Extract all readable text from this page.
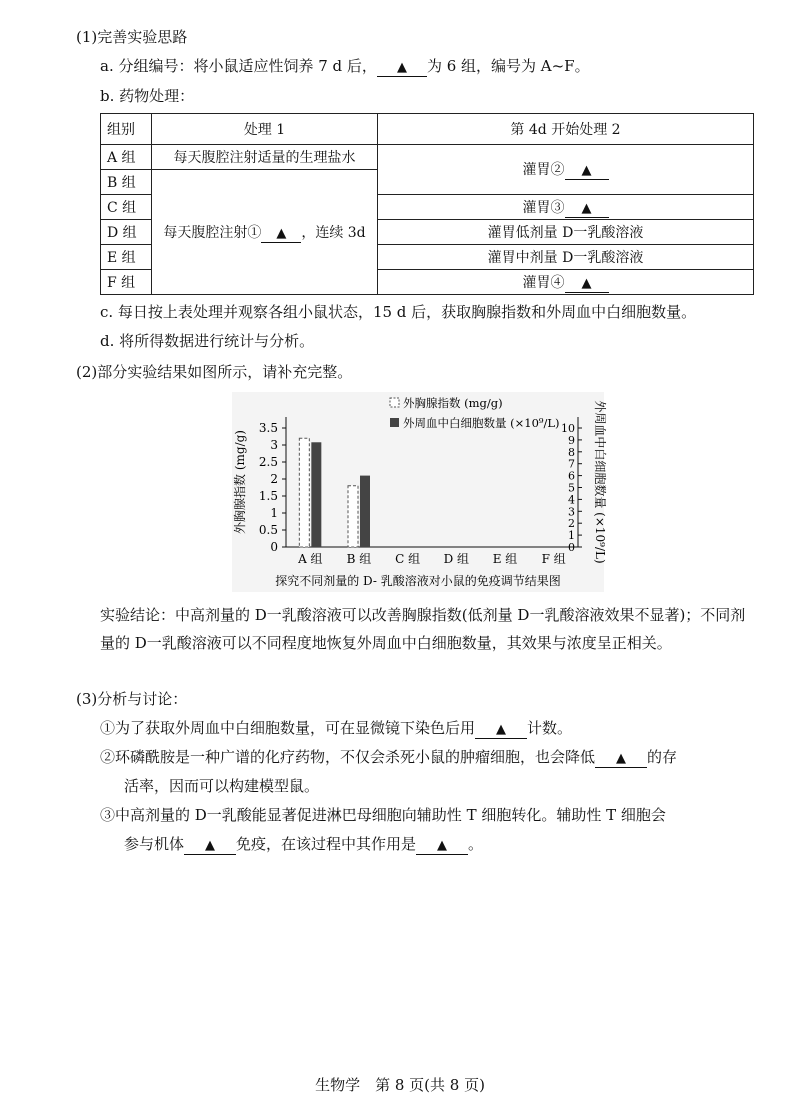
(1)完善实验思路
a. 分组编号：将小鼠适应性饲养 7 d 后， ▲ 为 6 组，编号为 A~F。
b. 药物处理：
组别	处理 1	第 4d 开始处理 2
A 组	每天腹腔注射适量的生理盐水	灌胃② ▲
B 组	每天腹腔注射① ▲ ，连续 3d	
C 组		灌胃③ ▲
D 组		灌胃低剂量 D一乳酸溶液
E 组		灌胃中剂量 D一乳酸溶液
F 组		灌胃④ ▲
c. 每日按上表处理并观察各组小鼠状态，15 d 后，获取胸腺指数和外周血中白细胞数量。
d. 将所得数据进行统计与分析。
(2)部分实验结果如图所示，请补充完整。
0
0.5
1
1.5
2
2.5
3
3.5
0
1
2
3
4
5
6
7
8
9
10
A 组 B 组 C 组 D 组 E 组 F 组
外胸腺指数 (mg/g)	外周血中白细胞数量 (×10⁹/L)
外胸腺指数 (mg/g)
外周血中白细胞数量 (×10⁹/L)
探究不同剂量的 D- 乳酸溶液对小鼠的免疫调节结果图
实验结论：中高剂量的 D一乳酸溶液可以改善胸腺指数(低剂量 D一乳酸溶液效果不显著)；不同剂量的 D一乳酸溶液可以不同程度地恢复外周血中白细胞数量，其效果与浓度呈正相关。
(3)分析与讨论：
①为了获取外周血中白细胞数量，可在显微镜下染色后用 ▲ 计数。
②环磷酰胺是一种广谱的化疗药物，不仅会杀死小鼠的肿瘤细胞，也会降低 ▲ 的存
活率，因而可以构建模型鼠。
③中高剂量的 D一乳酸能显著促进淋巴母细胞向辅助性 T 细胞转化。辅助性 T 细胞会
参与机体 ▲ 免疫，在该过程中其作用是 ▲ 。
生物学　第 8 页(共 8 页)
